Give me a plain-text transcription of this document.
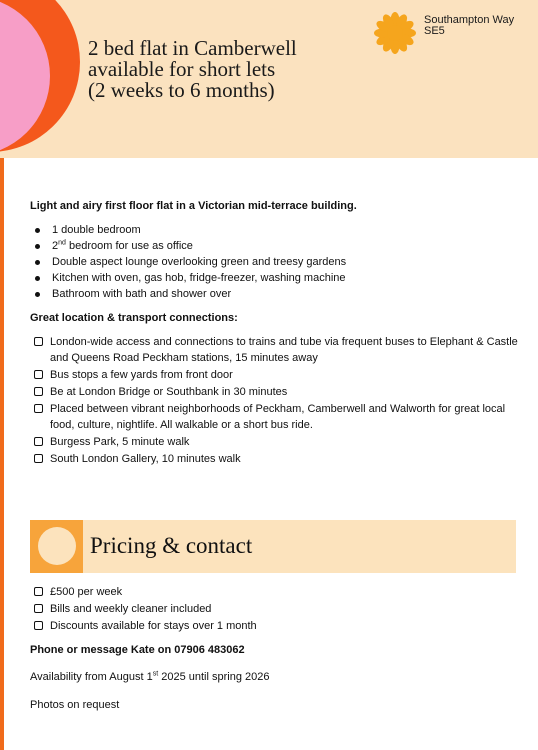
2 bed flat in Camberwell
available for short lets
(2 weeks to 6 months)
Southampton Way
SE5
Light and airy first floor flat in a Victorian mid-terrace building.
1 double bedroom
2nd bedroom for use as office
Double aspect lounge overlooking green and treesy gardens
Kitchen with oven, gas hob, fridge-freezer, washing machine
Bathroom with bath and shower over
Great location & transport connections:
London-wide access and connections to trains and tube via frequent buses to Elephant & Castle and Queens Road Peckham stations, 15 minutes away
Bus stops a few yards from front door
Be at London Bridge or Southbank in 30 minutes
Placed between vibrant neighborhoods of Peckham, Camberwell and Walworth for great local food, culture, nightlife. All walkable or a short bus ride.
Burgess Park, 5 minute walk
South London Gallery, 10 minutes walk
Pricing & contact
£500 per week
Bills and weekly cleaner included
Discounts available for stays over 1 month
Phone or message Kate on 07906 483062
Availability from August 1st 2025 until spring 2026
Photos on request
